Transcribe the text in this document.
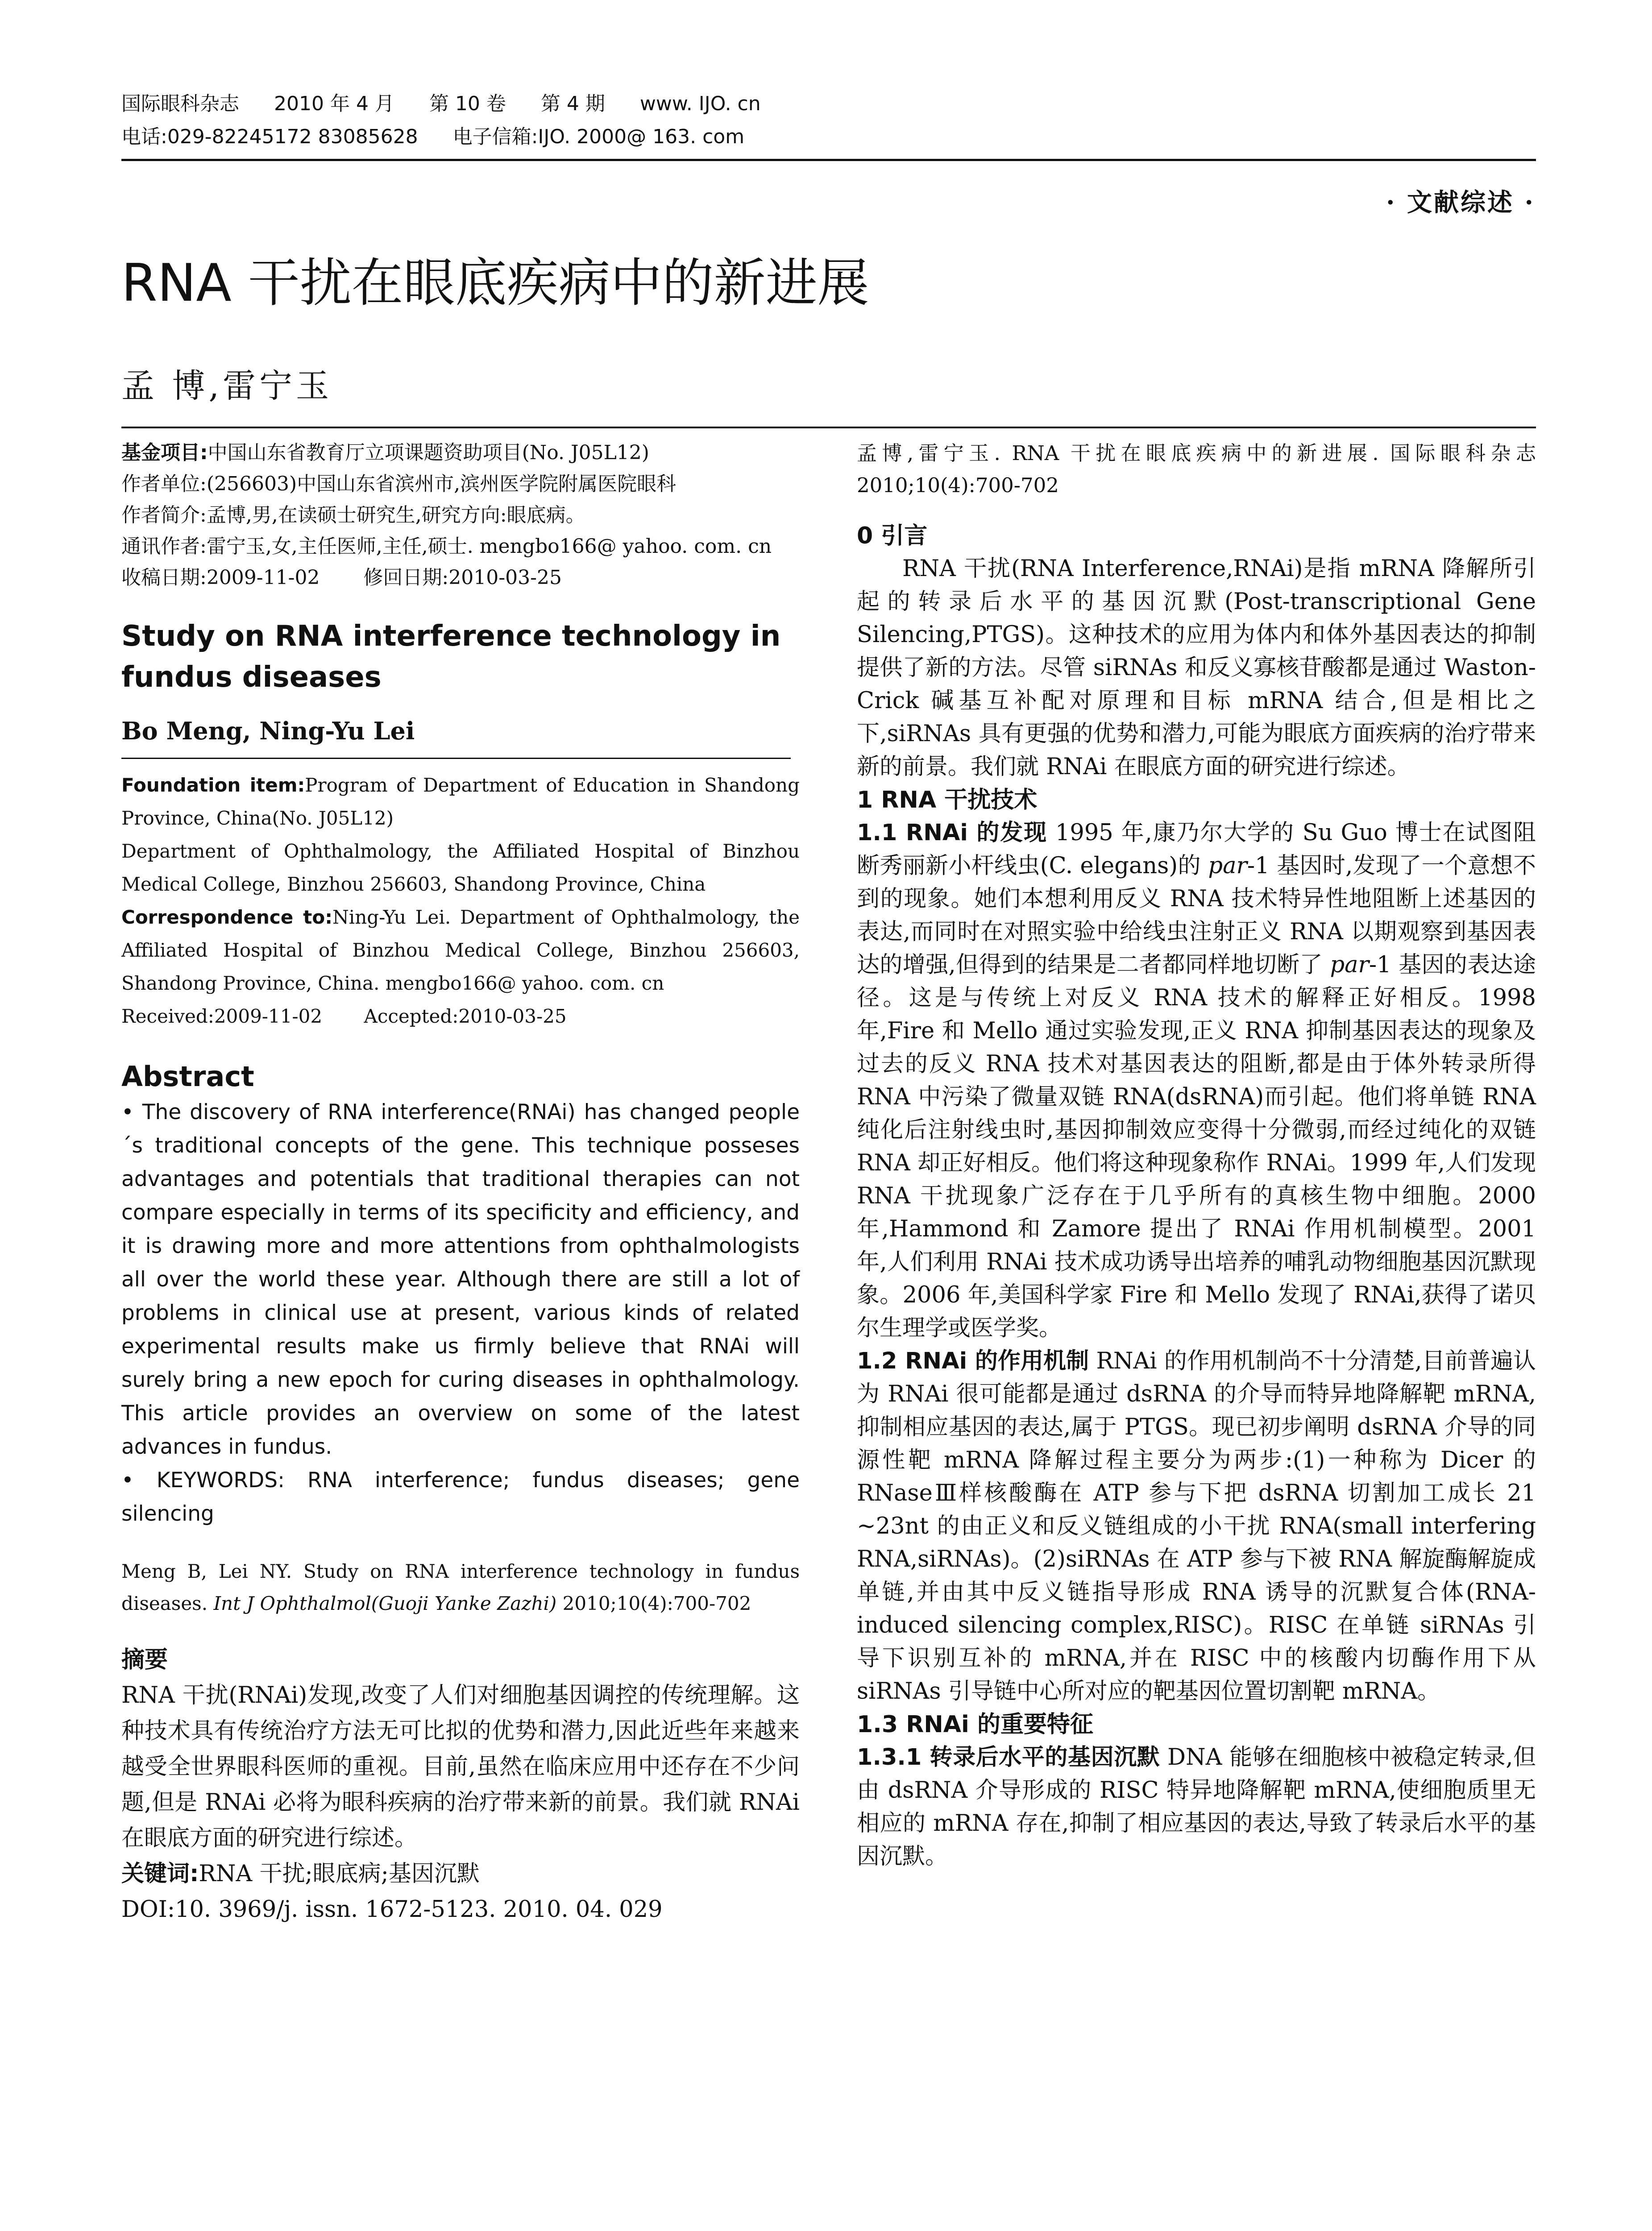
国际眼科杂志 2010 年 4 月 第 10 卷 第 4 期 www. IJO. cn
电话:029-82245172 83085628 电子信箱:IJO. 2000@ 163. com
· 文献综述 ·
RNA 干扰在眼底疾病中的新进展
孟 博,雷宁玉

基金项目:中国山东省教育厅立项课题资助项目(No. J05L12)

作者单位:(256603)中国山东省滨州市,滨州医学院附属医院眼科

作者简介:孟博,男,在读硕士研究生,研究方向:眼底病。

通讯作者:雷宁玉,女,主任医师,主任,硕士. mengbo166@ yahoo. com. cn

收稿日期:2009-11-02 修回日期:2010-03-25

Study on RNA interference technology in fundus diseases
Bo Meng, Ning-Yu Lei

Foundation item:Program of Department of Education in Shandong Province, China(No. J05L12)

Department of Ophthalmology, the Affiliated Hospital of Binzhou Medical College, Binzhou 256603, Shandong Province, China

Correspondence to:Ning-Yu Lei. Department of Ophthalmology, the Affiliated Hospital of Binzhou Medical College, Binzhou 256603, Shandong Province, China. mengbo166@ yahoo. com. cn

Received:2009-11-02 Accepted:2010-03-25

Abstract

• The discovery of RNA interference(RNAi) has changed people´s traditional concepts of the gene. This technique posseses advantages and potentials that traditional therapies can not compare especially in terms of its specificity and efficiency, and it is drawing more and more attentions from ophthalmologists all over the world these year. Although there are still a lot of problems in clinical use at present, various kinds of related experimental results make us firmly believe that RNAi will surely bring a new epoch for curing diseases in ophthalmology. This article provides an overview on some of the latest advances in fundus.

• KEYWORDS: RNA interference; fundus diseases; gene silencing

Meng B, Lei NY. Study on RNA interference technology in fundus diseases. Int J Ophthalmol(Guoji Yanke Zazhi) 2010;10(4):700-702
摘要

RNA 干扰(RNAi)发现,改变了人们对细胞基因调控的传统理解。这种技术具有传统治疗方法无可比拟的优势和潜力,因此近些年来越来越受全世界眼科医师的重视。目前,虽然在临床应用中还存在不少问题,但是 RNAi 必将为眼科疾病的治疗带来新的前景。我们就 RNAi 在眼底方面的研究进行综述。

关键词:RNA 干扰;眼底病;基因沉默

DOI:10. 3969/j. issn. 1672-5123. 2010. 04. 029

孟博,雷宁玉. RNA 干扰在眼底疾病中的新进展. 国际眼科杂志 2010;10(4):700-702
0 引言

RNA 干扰(RNA Interference,RNAi)是指 mRNA 降解所引起的转录后水平的基因沉默(Post-transcriptional Gene Silencing,PTGS)。这种技术的应用为体内和体外基因表达的抑制提供了新的方法。尽管 siRNAs 和反义寡核苷酸都是通过 Waston-Crick 碱基互补配对原理和目标 mRNA 结合,但是相比之下,siRNAs 具有更强的优势和潜力,可能为眼底方面疾病的治疗带来新的前景。我们就 RNAi 在眼底方面的研究进行综述。

1 RNA 干扰技术

1.1 RNAi 的发现 1995 年,康乃尔大学的 Su Guo 博士在试图阻断秀丽新小杆线虫(C. elegans)的 par-1 基因时,发现了一个意想不到的现象。她们本想利用反义 RNA 技术特异性地阻断上述基因的表达,而同时在对照实验中给线虫注射正义 RNA 以期观察到基因表达的增强,但得到的结果是二者都同样地切断了 par-1 基因的表达途径。这是与传统上对反义 RNA 技术的解释正好相反。1998 年,Fire 和 Mello 通过实验发现,正义 RNA 抑制基因表达的现象及过去的反义 RNA 技术对基因表达的阻断,都是由于体外转录所得 RNA 中污染了微量双链 RNA(dsRNA)而引起。他们将单链 RNA 纯化后注射线虫时,基因抑制效应变得十分微弱,而经过纯化的双链 RNA 却正好相反。他们将这种现象称作 RNAi。1999 年,人们发现 RNA 干扰现象广泛存在于几乎所有的真核生物中细胞。2000 年,Hammond 和 Zamore 提出了 RNAi 作用机制模型。2001 年,人们利用 RNAi 技术成功诱导出培养的哺乳动物细胞基因沉默现象。2006 年,美国科学家 Fire 和 Mello 发现了 RNAi,获得了诺贝尔生理学或医学奖。

1.2 RNAi 的作用机制 RNAi 的作用机制尚不十分清楚,目前普遍认为 RNAi 很可能都是通过 dsRNA 的介导而特异地降解靶 mRNA,抑制相应基因的表达,属于 PTGS。现已初步阐明 dsRNA 介导的同源性靶 mRNA 降解过程主要分为两步:(1)一种称为 Dicer 的 RNaseⅢ样核酸酶在 ATP 参与下把 dsRNA 切割加工成长 21 ~23nt 的由正义和反义链组成的小干扰 RNA(small interfering RNA,siRNAs)。(2)siRNAs 在 ATP 参与下被 RNA 解旋酶解旋成单链,并由其中反义链指导形成 RNA 诱导的沉默复合体(RNA-induced silencing complex,RISC)。RISC 在单链 siRNAs 引导下识别互补的 mRNA,并在 RISC 中的核酸内切酶作用下从 siRNAs 引导链中心所对应的靶基因位置切割靶 mRNA。

1.3 RNAi 的重要特征

1.3.1 转录后水平的基因沉默 DNA 能够在细胞核中被稳定转录,但由 dsRNA 介导形成的 RISC 特异地降解靶 mRNA,使细胞质里无相应的 mRNA 存在,抑制了相应基因的表达,导致了转录后水平的基因沉默。
